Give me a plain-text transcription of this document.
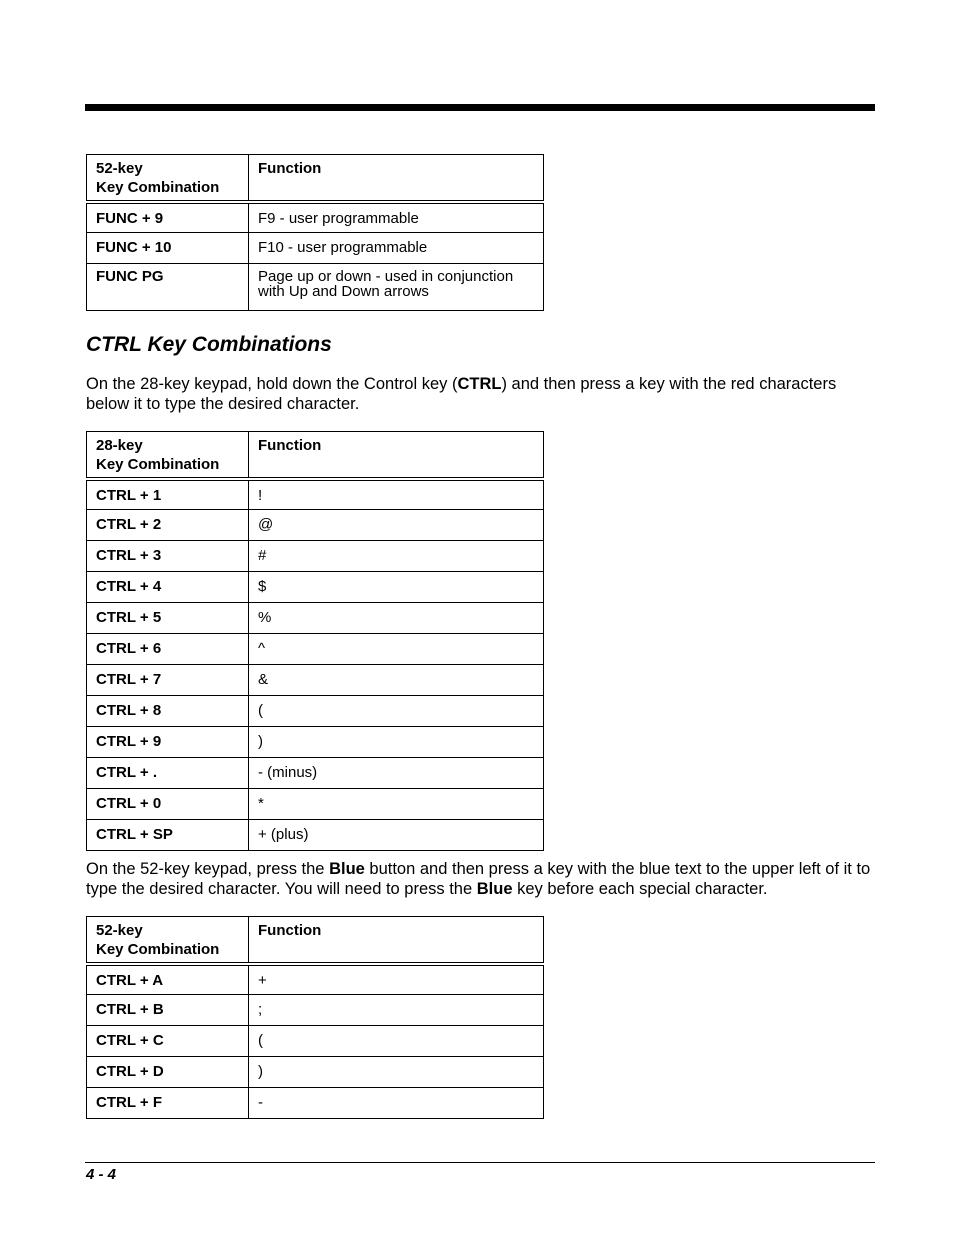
52-key
Key Combination	Function
FUNC + 9	F9 - user programmable
FUNC + 10	F10 - user programmable
FUNC PG	Page up or down - used in conjunction
with Up and Down arrows
CTRL Key Combinations

On the 28-key keypad, hold down the Control key (CTRL) and then press a key with the red characters below it to type the desired character.

28-key
Key Combination	Function
CTRL + 1	!
CTRL + 2	@
CTRL + 3	#
CTRL + 4	$
CTRL + 5	%
CTRL + 6	^
CTRL + 7	&
CTRL + 8	(
CTRL + 9	)
CTRL + .	- (minus)
CTRL + 0	*
CTRL + SP	+ (plus)

On the 52-key keypad, press the Blue button and then press a key with the blue text to the upper left of it to type the desired character. You will need to press the Blue key before each special character.

52-key
Key Combination	Function
CTRL + A	+
CTRL + B	;
CTRL + C	(
CTRL + D	)
CTRL + F	-
4 - 4
